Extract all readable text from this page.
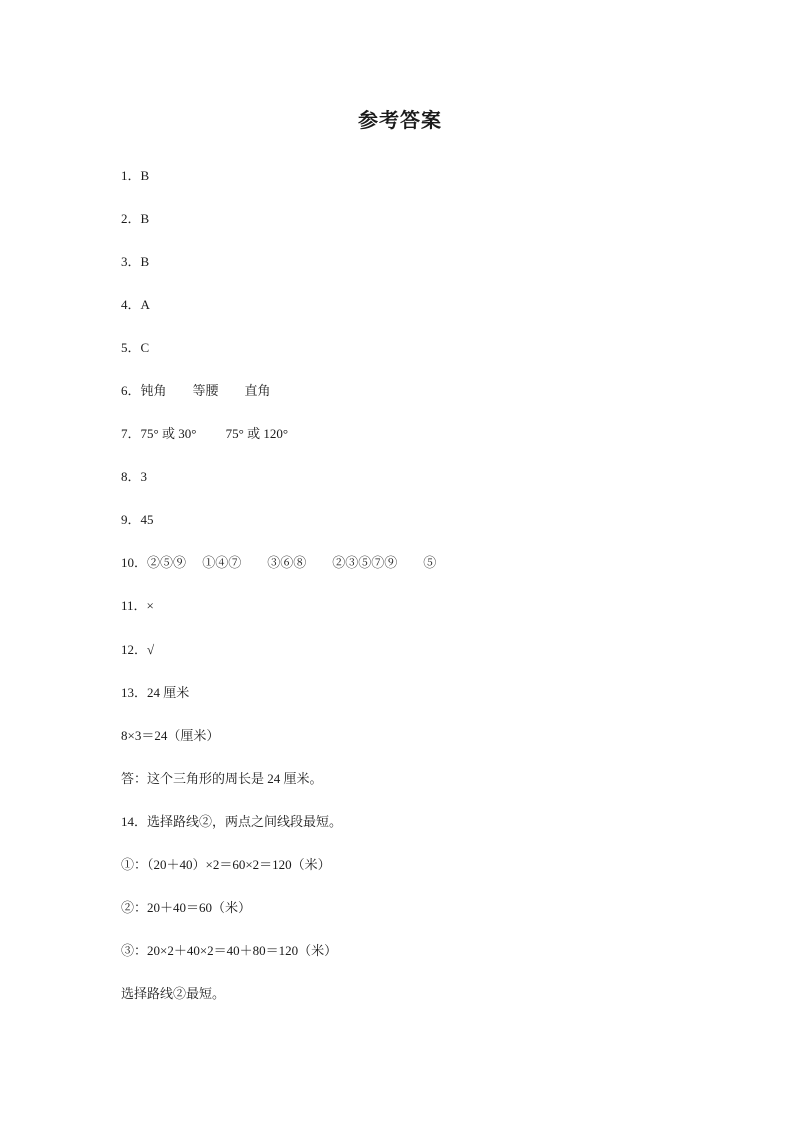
参考答案
1．B
2．B
3．B
4．A
5．C
6．钝角　　等腰　　直角
7．75° 或 30°　　 75° 或 120°
8．3
9．45
10．②⑤⑨　 ①④⑦　　③⑥⑧　　②③⑤⑦⑨　　⑤
11．×
12．√
13．24 厘米
8×3＝24（厘米）
答：这个三角形的周长是 24 厘米。
14．选择路线②，两点之间线段最短。
①：（20＋40）×2＝60×2＝120（米）
②：20＋40＝60（米）
③：20×2＋40×2＝40＋80＝120（米）
选择路线②最短。
